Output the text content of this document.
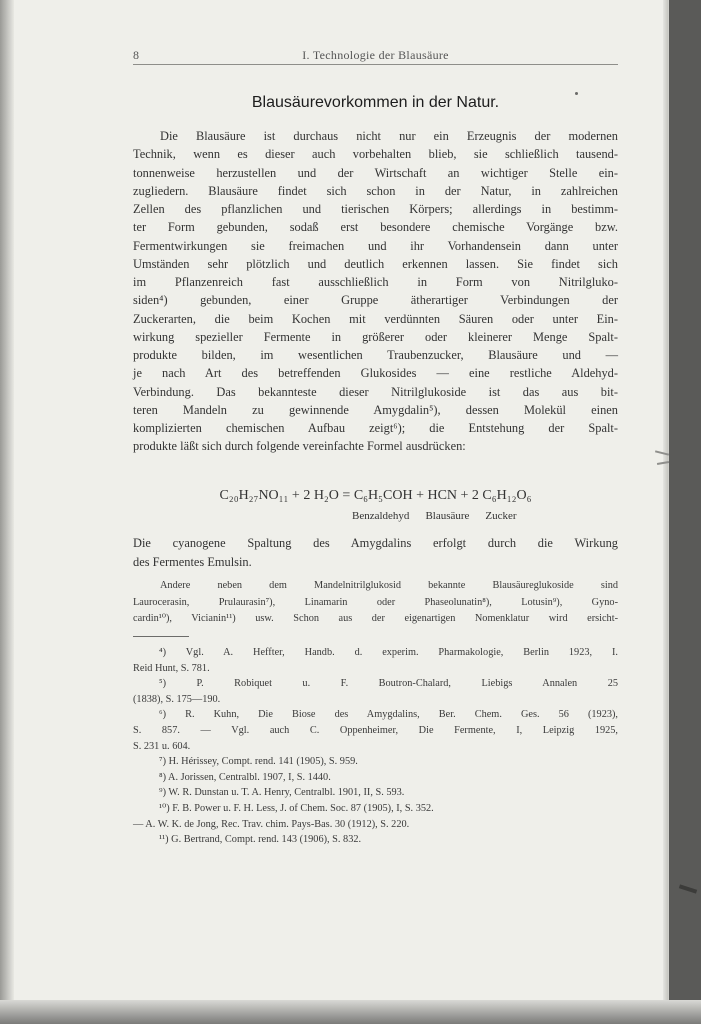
8	I. Technologie der Blausäure
Blausäurevorkommen in der Natur.
Die Blausäure ist durchaus nicht nur ein Erzeugnis der modernen
Technik, wenn es dieser auch vorbehalten blieb, sie schließlich tausend-
tonnenweise herzustellen und der Wirtschaft an wichtiger Stelle ein-
zugliedern. Blausäure findet sich schon in der Natur, in zahlreichen
Zellen des pflanzlichen und tierischen Körpers; allerdings in bestimm-
ter Form gebunden, sodaß erst besondere chemische Vorgänge bzw.
Fermentwirkungen sie freimachen und ihr Vorhandensein dann unter
Umständen sehr plötzlich und deutlich erkennen lassen. Sie findet sich
im Pflanzenreich fast ausschließlich in Form von Nitrilgluko-
siden⁴) gebunden, einer Gruppe ätherartiger Verbindungen der
Zuckerarten, die beim Kochen mit verdünnten Säuren oder unter Ein-
wirkung spezieller Fermente in größerer oder kleinerer Menge Spalt-
produkte bilden, im wesentlichen Traubenzucker, Blausäure und —
je nach Art des betreffenden Glukosides — eine restliche Aldehyd-
Verbindung. Das bekannteste dieser Nitrilglukoside ist das aus bit-
teren Mandeln zu gewinnende Amygdalin⁵), dessen Molekül einen
komplizierten chemischen Aufbau zeigt⁶); die Entstehung der Spalt-
produkte läßt sich durch folgende vereinfachte Formel ausdrücken:
C₂₀H₂₇NO₁₁ + 2 H₂O = C₆H₅COH + HCN + 2 C₆H₁₂O₆
Benzaldehyd Blausäure Zucker
Die cyanogene Spaltung des Amygdalins erfolgt durch die Wirkung
des Fermentes Emulsin.
Andere neben dem Mandelnitrilglukosid bekannte Blausäureglukoside sind
Laurocerasin, Prulaurasin⁷), Linamarin oder Phaseolunatin⁸), Lotusin⁹), Gyno-
cardin¹⁰), Vicianin¹¹) usw. Schon aus der eigenartigen Nomenklatur wird ersicht-
⁴) Vgl. A. Heffter, Handb. d. experim. Pharmakologie, Berlin 1923, I.
Reid Hunt, S. 781.
⁵) P. Robiquet u. F. Boutron-Chalard, Liebigs Annalen 25
(1838), S. 175—190.
⁶) R. Kuhn, Die Biose des Amygdalins, Ber. Chem. Ges. 56 (1923),
S. 857. — Vgl. auch C. Oppenheimer, Die Fermente, I, Leipzig 1925,
S. 231 u. 604.
⁷) H. Hérissey, Compt. rend. 141 (1905), S. 959.
⁸) A. Jorissen, Centralbl. 1907, I, S. 1440.
⁹) W. R. Dunstan u. T. A. Henry, Centralbl. 1901, II, S. 593.
¹⁰) F. B. Power u. F. H. Less, J. of Chem. Soc. 87 (1905), I, S. 352.
— A. W. K. de Jong, Rec. Trav. chim. Pays-Bas. 30 (1912), S. 220.
¹¹) G. Bertrand, Compt. rend. 143 (1906), S. 832.
